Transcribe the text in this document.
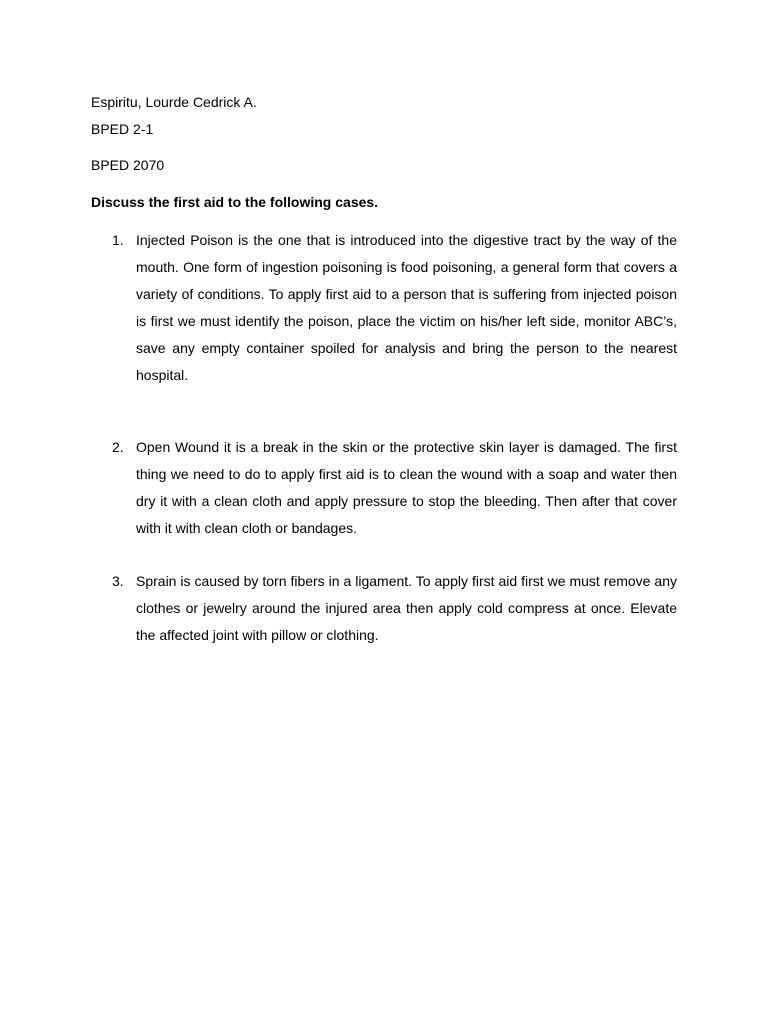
Espiritu, Lourde Cedrick A.
BPED 2-1
BPED 2070
Discuss the first aid to the following cases.
1. Injected Poison is the one that is introduced into the digestive tract by the way of the mouth. One form of ingestion poisoning is food poisoning, a general form that covers a variety of conditions. To apply first aid to a person that is suffering from injected poison is first we must identify the poison, place the victim on his/her left side, monitor ABC’s, save any empty container spoiled for analysis and bring the person to the nearest hospital.
2. Open Wound it is a break in the skin or the protective skin layer is damaged. The first thing we need to do to apply first aid is to clean the wound with a soap and water then dry it with a clean cloth and apply pressure to stop the bleeding. Then after that cover with it with clean cloth or bandages.
3. Sprain is caused by torn fibers in a ligament. To apply first aid first we must remove any clothes or jewelry around the injured area then apply cold compress at once. Elevate the affected joint with pillow or clothing.
